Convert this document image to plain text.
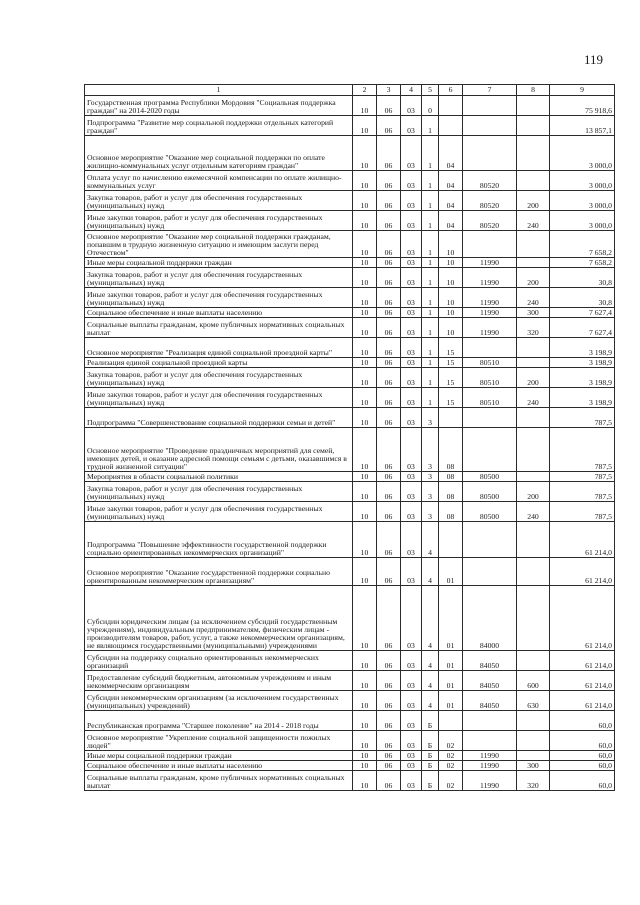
119
1	2	3	4	5	6	7	8	9
Государственная программа Республики Мордовия "Социальная поддержка граждан" на 2014-2020 годы	10	06	03	0				75 918,6
Подпрограмма "Развитие мер социальной поддержки отдельных категорий граждан"	10	06	03	1				13 857,1
Основное мероприятие "Оказание мер социальной поддержки по оплате жилищно-коммунальных услуг отдельным категориям граждан"	10	06	03	1	04			3 000,0
Оплата услуг по начислению ежемесячной компенсации по оплате жилищно-коммунальных услуг	10	06	03	1	04	80520		3 000,0
Закупка товаров, работ и услуг для обеспечения государственных (муниципальных) нужд	10	06	03	1	04	80520	200	3 000,0
Иные закупки товаров, работ и услуг для обеспечения государственных (муниципальных) нужд	10	06	03	1	04	80520	240	3 000,0
Основное мероприятие "Оказание мер социальной поддержки гражданам, попавшим в трудную жизненную ситуацию и имеющим заслуги перед Отечеством"	10	06	03	1	10			7 658,2
Иные меры социальной поддержки граждан	10	06	03	1	10	11990		7 658,2
Закупка товаров, работ и услуг для обеспечения государственных (муниципальных) нужд	10	06	03	1	10	11990	200	30,8
Иные закупки товаров, работ и услуг для обеспечения государственных (муниципальных) нужд	10	06	03	1	10	11990	240	30,8
Социальное обеспечение и иные выплаты населению	10	06	03	1	10	11990	300	7 627,4
Социальные выплаты гражданам, кроме публичных нормативных социальных выплат	10	06	03	1	10	11990	320	7 627,4
Основное мероприятие "Реализация единой социальной проездной карты"	10	06	03	1	15			3 198,9
Реализация единой социальной проездной карты	10	06	03	1	15	80510		3 198,9
Закупка товаров, работ и услуг для обеспечения государственных (муниципальных) нужд	10	06	03	1	15	80510	200	3 198,9
Иные закупки товаров, работ и услуг для обеспечения государственных (муниципальных) нужд	10	06	03	1	15	80510	240	3 198,9
Подпрограмма "Совершенствование социальной поддержки семьи и детей"	10	06	03	3				787,5
Основное мероприятие "Проведение праздничных мероприятий для семей, имеющих детей, и оказание адресной помощи семьям с детьми, оказавшимся в трудной жизненной ситуации"	10	06	03	3	08			787,5
Мероприятия в области социальной политики	10	06	03	3	08	80500		787,5
Закупка товаров, работ и услуг для обеспечения государственных (муниципальных) нужд	10	06	03	3	08	80500	200	787,5
Иные закупки товаров, работ и услуг для обеспечения государственных (муниципальных) нужд	10	06	03	3	08	80500	240	787,5
Подпрограмма "Повышение эффективности государственной поддержки социально ориентированных некоммерческих организаций"	10	06	03	4				61 214,0
Основное мероприятие "Оказание государственной поддержки социально ориентированным некоммерческим организациям"	10	06	03	4	01			61 214,0
Субсидии юридическим лицам (за исключением субсидий государственным учреждениям), индивидуальным предпринимателям, физическим лицам - производителям товаров, работ, услуг, а также некоммерческим организациям, не являющимся государственными (муниципальными) учреждениями	10	06	03	4	01	84000		61 214,0
Субсидии на поддержку социально ориентированных некоммерческих организаций	10	06	03	4	01	84050		61 214,0
Предоставление субсидий бюджетным, автономным учреждениям и иным некоммерческим организациям	10	06	03	4	01	84050	600	61 214,0
Субсидии некоммерческим организациям (за исключением государственных (муниципальных) учреждений)	10	06	03	4	01	84050	630	61 214,0
Республиканская программа "Старшее поколение" на 2014 - 2018 годы	10	06	03	Б				60,0
Основное мероприятие "Укрепление социальной защищенности пожилых людей"	10	06	03	Б	02			60,0
Иные меры социальной поддержки граждан	10	06	03	Б	02	11990		60,0
Социальное обеспечение и иные выплаты населению	10	06	03	Б	02	11990	300	60,0
Социальные выплаты гражданам, кроме публичных нормативных социальных выплат	10	06	03	Б	02	11990	320	60,0
